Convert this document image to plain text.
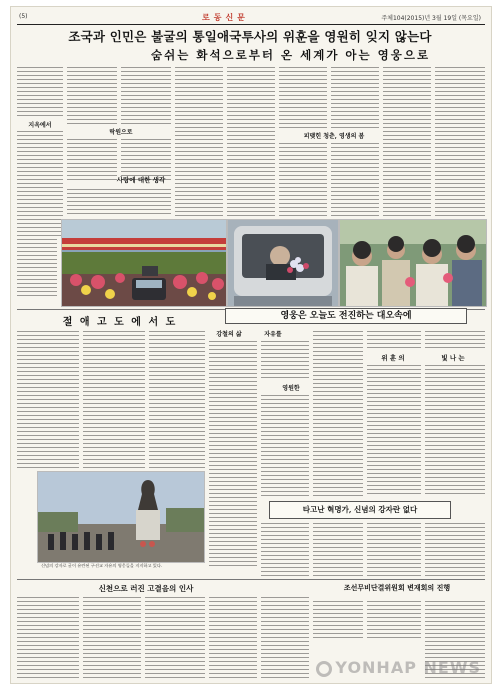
(5)	로동신문	주체104(2015)년 3월 19일 (목요일)
조국과 인민은 불굴의 통일애국투사의 위훈을 영원히 잊지 않는다
숨쉬는 화석으로부터 온 세계가 아는 영웅으로
지옥에서
락원으로
사랑에 대한 생각
피맺힌 청춘, 영생의 봄
절 애 고 도 에 서 도
영웅은 오늘도 전진하는 대오속에
강철의 삶	자유를
영원한
위 훈 의	빛 나 는
신념의 강자로 굴이 유란된 구선교 자유의 영웅들을 지지하고 있다.
타고난 혁명가, 신념의 강자란 없다
신천으로 러진 고결음의 인사	조선무비단결위원회 변재회의 진행
YONHAP NEWS
